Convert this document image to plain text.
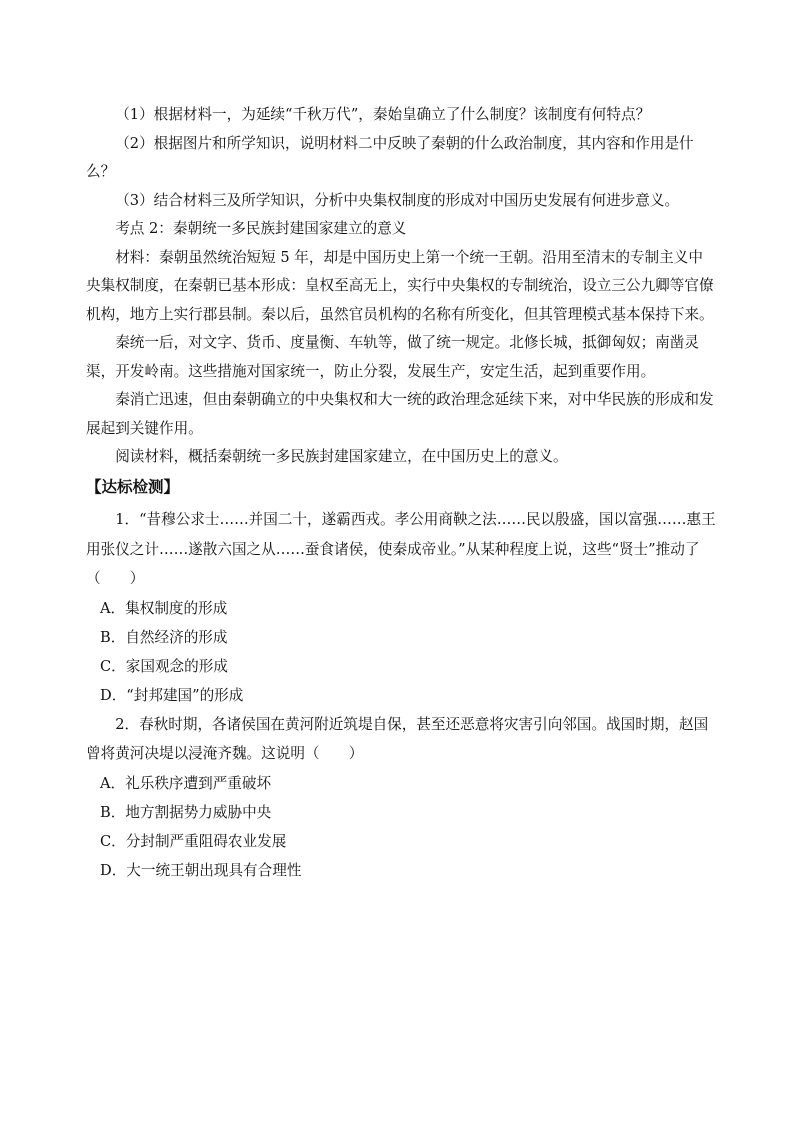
（1）根据材料一，为延续“千秋万代”，秦始皇确立了什么制度？该制度有何特点？

（2）根据图片和所学知识，说明材料二中反映了秦朝的什么政治制度，其内容和作用是什么？

（3）结合材料三及所学知识，分析中央集权制度的形成对中国历史发展有何进步意义。

考点 2：秦朝统一多民族封建国家建立的意义

材料：秦朝虽然统治短短 5 年，却是中国历史上第一个统一王朝。沿用至清末的专制主义中央集权制度，在秦朝已基本形成：皇权至高无上，实行中央集权的专制统治，设立三公九卿等官僚机构，地方上实行郡县制。秦以后，虽然官员机构的名称有所变化，但其管理模式基本保持下来。

秦统一后，对文字、货币、度量衡、车轨等，做了统一规定。北修长城，抵御匈奴；南凿灵渠，开发岭南。这些措施对国家统一，防止分裂，发展生产，安定生活，起到重要作用。

秦消亡迅速，但由秦朝确立的中央集权和大一统的政治理念延续下来，对中华民族的形成和发展起到关键作用。

阅读材料，概括秦朝统一多民族封建国家建立，在中国历史上的意义。

【达标检测】

1．“昔穆公求士……并国二十，遂霸西戎。孝公用商鞅之法……民以殷盛，国以富强……惠王用张仪之计……遂散六国之从……蚕食诸侯，使秦成帝业。”从某种程度上说，这些“贤士”推动了（　　）

A．集权制度的形成

B．自然经济的形成

C．家国观念的形成

D．“封邦建国”的形成

2．春秋时期，各诸侯国在黄河附近筑堤自保，甚至还恶意将灾害引向邻国。战国时期，赵国曾将黄河决堤以浸淹齐魏。这说明（　　）

A．礼乐秩序遭到严重破坏

B．地方割据势力威胁中央

C．分封制严重阻碍农业发展

D．大一统王朝出现具有合理性
